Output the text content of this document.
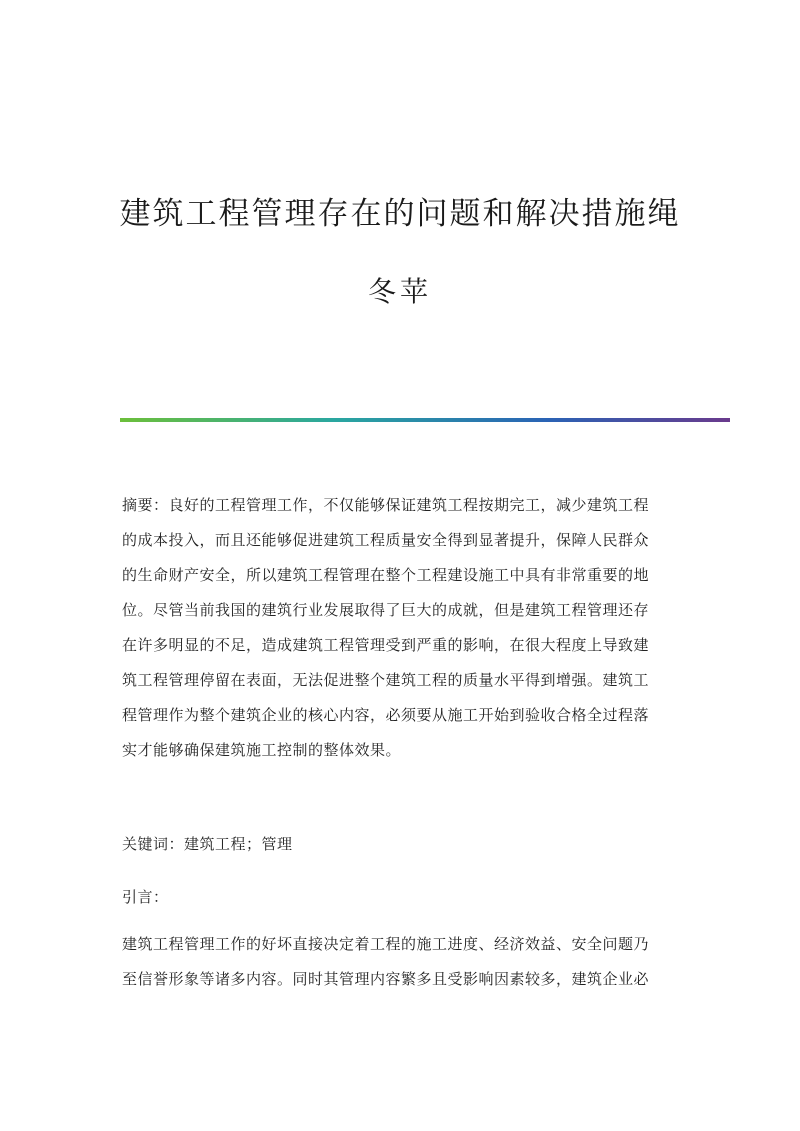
建筑工程管理存在的问题和解决措施绳
冬苹
摘要：良好的工程管理工作，不仅能够保证建筑工程按期完工，减少建筑工程
的成本投入，而且还能够促进建筑工程质量安全得到显著提升，保障人民群众
的生命财产安全，所以建筑工程管理在整个工程建设施工中具有非常重要的地
位。尽管当前我国的建筑行业发展取得了巨大的成就，但是建筑工程管理还存
在许多明显的不足，造成建筑工程管理受到严重的影响，在很大程度上导致建
筑工程管理停留在表面，无法促进整个建筑工程的质量水平得到增强。建筑工
程管理作为整个建筑企业的核心内容，必须要从施工开始到验收合格全过程落
实才能够确保建筑施工控制的整体效果。
关键词：建筑工程；管理
引言：
建筑工程管理工作的好坏直接决定着工程的施工进度、经济效益、安全问题乃
至信誉形象等诸多内容。同时其管理内容繁多且受影响因素较多，建筑企业必
